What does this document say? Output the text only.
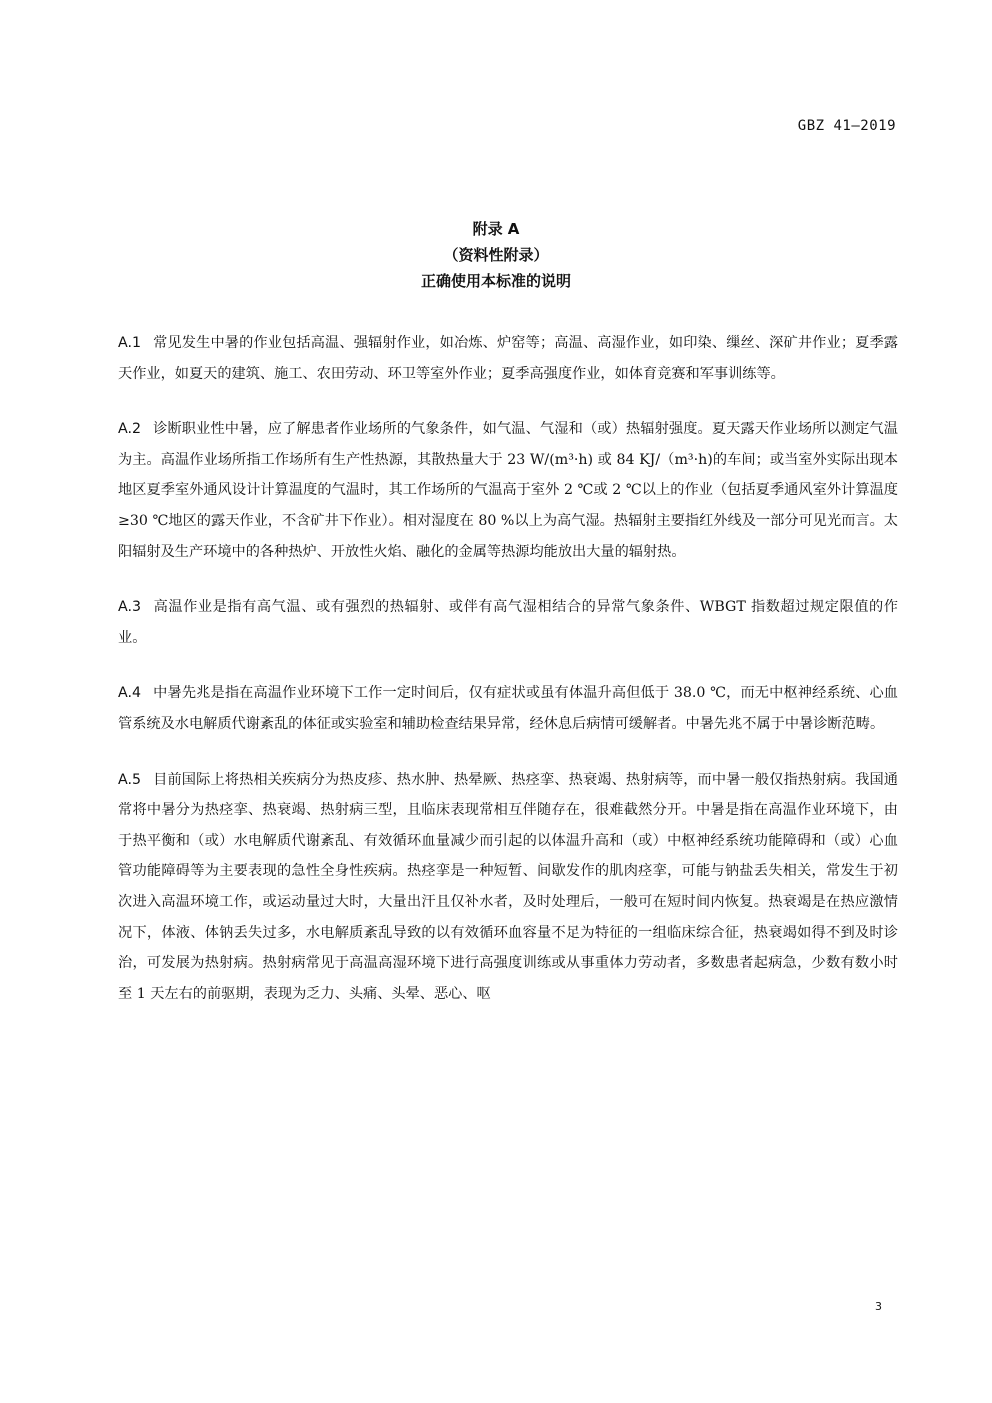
GBZ 41—2019
附录 A
（资料性附录）
正确使用本标准的说明

A.1 常见发生中暑的作业包括高温、强辐射作业，如冶炼、炉窑等；高温、高湿作业，如印染、缫丝、深矿井作业；夏季露天作业，如夏天的建筑、施工、农田劳动、环卫等室外作业；夏季高强度作业，如体育竞赛和军事训练等。

A.2 诊断职业性中暑，应了解患者作业场所的气象条件，如气温、气湿和（或）热辐射强度。夏天露天作业场所以测定气温为主。高温作业场所指工作场所有生产性热源，其散热量大于 23 W/(m³·h) 或 84 KJ/（m³·h)的车间；或当室外实际出现本地区夏季室外通风设计计算温度的气温时，其工作场所的气温高于室外 2 ℃或 2 ℃以上的作业（包括夏季通风室外计算温度≥30 ℃地区的露天作业，不含矿井下作业）。相对湿度在 80 %以上为高气湿。热辐射主要指红外线及一部分可见光而言。太阳辐射及生产环境中的各种热炉、开放性火焰、融化的金属等热源均能放出大量的辐射热。

A.3 高温作业是指有高气温、或有强烈的热辐射、或伴有高气湿相结合的异常气象条件、WBGT 指数超过规定限值的作业。

A.4 中暑先兆是指在高温作业环境下工作一定时间后，仅有症状或虽有体温升高但低于 38.0 ℃，而无中枢神经系统、心血管系统及水电解质代谢紊乱的体征或实验室和辅助检查结果异常，经休息后病情可缓解者。中暑先兆不属于中暑诊断范畴。

A.5 目前国际上将热相关疾病分为热皮疹、热水肿、热晕厥、热痉挛、热衰竭、热射病等，而中暑一般仅指热射病。我国通常将中暑分为热痉挛、热衰竭、热射病三型，且临床表现常相互伴随存在，很难截然分开。中暑是指在高温作业环境下，由于热平衡和（或）水电解质代谢紊乱、有效循环血量减少而引起的以体温升高和（或）中枢神经系统功能障碍和（或）心血管功能障碍等为主要表现的急性全身性疾病。热痉挛是一种短暂、间歇发作的肌肉痉挛，可能与钠盐丢失相关，常发生于初次进入高温环境工作，或运动量过大时，大量出汗且仅补水者，及时处理后，一般可在短时间内恢复。热衰竭是在热应激情况下，体液、体钠丢失过多，水电解质紊乱导致的以有效循环血容量不足为特征的一组临床综合征，热衰竭如得不到及时诊治，可发展为热射病。热射病常见于高温高湿环境下进行高强度训练或从事重体力劳动者，多数患者起病急，少数有数小时至 1 天左右的前驱期，表现为乏力、头痛、头晕、恶心、呕

3
